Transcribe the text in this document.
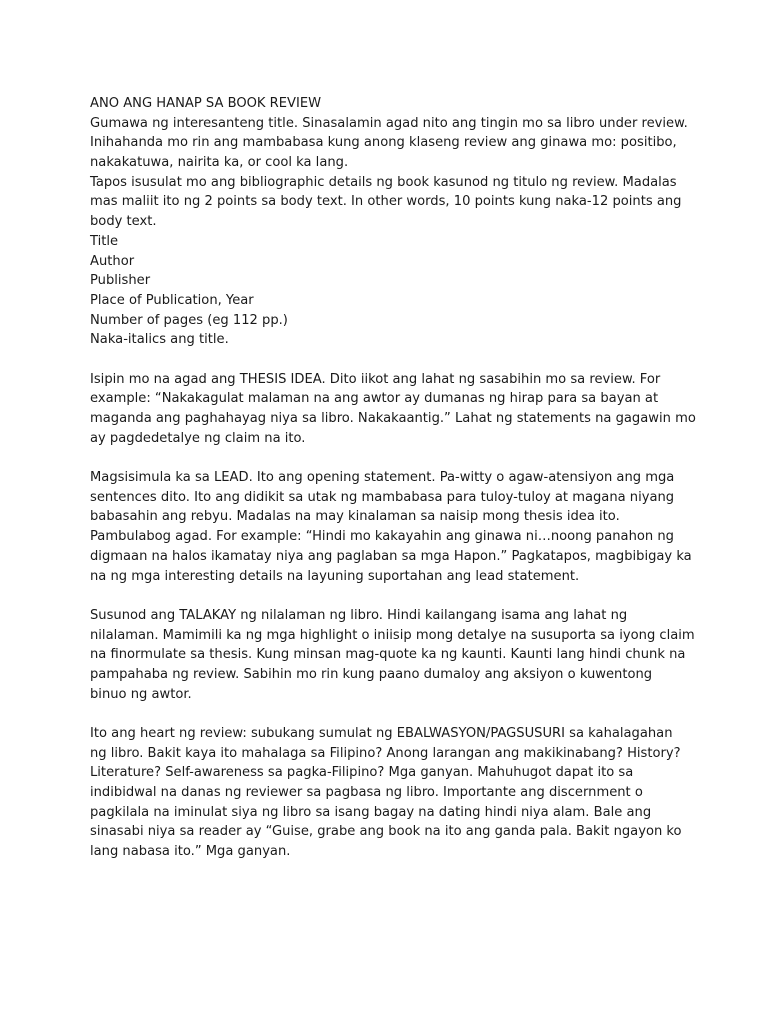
ANO ANG HANAP SA BOOK REVIEW
Gumawa ng interesanteng title. Sinasalamin agad nito ang tingin mo sa libro under review.
Inihahanda mo rin ang mambabasa kung anong klaseng review ang ginawa mo: positibo,
nakakatuwa, nairita ka, or cool ka lang.
Tapos isusulat mo ang bibliographic details ng book kasunod ng titulo ng review. Madalas
mas maliit ito ng 2 points sa body text. In other words, 10 points kung naka-12 points ang
body text.
Title
Author
Publisher
Place of Publication, Year
Number of pages (eg 112 pp.)
Naka-italics ang title.
Isipin mo na agad ang THESIS IDEA. Dito iikot ang lahat ng sasabihin mo sa review. For
example: “Nakakagulat malaman na ang awtor ay dumanas ng hirap para sa bayan at
maganda ang paghahayag niya sa libro. Nakakaantig.” Lahat ng statements na gagawin mo
ay pagdedetalye ng claim na ito.
Magsisimula ka sa LEAD. Ito ang opening statement. Pa-witty o agaw-atensiyon ang mga
sentences dito. Ito ang didikit sa utak ng mambabasa para tuloy-tuloy at magana niyang
babasahin ang rebyu. Madalas na may kinalaman sa naisip mong thesis idea ito.
Pambulabog agad. For example: “Hindi mo kakayahin ang ginawa ni…noong panahon ng
digmaan na halos ikamatay niya ang paglaban sa mga Hapon.” Pagkatapos, magbibigay ka
na ng mga interesting details na layuning suportahan ang lead statement.
Susunod ang TALAKAY ng nilalaman ng libro. Hindi kailangang isama ang lahat ng
nilalaman. Mamimili ka ng mga highlight o iniisip mong detalye na susuporta sa iyong claim
na finormulate sa thesis. Kung minsan mag-quote ka ng kaunti. Kaunti lang hindi chunk na
pampahaba ng review. Sabihin mo rin kung paano dumaloy ang aksiyon o kuwentong
binuo ng awtor.
Ito ang heart ng review: subukang sumulat ng EBALWASYON/PAGSUSURI sa kahalagahan
ng libro. Bakit kaya ito mahalaga sa Filipino? Anong larangan ang makikinabang? History?
Literature? Self-awareness sa pagka-Filipino? Mga ganyan. Mahuhugot dapat ito sa
indibidwal na danas ng reviewer sa pagbasa ng libro. Importante ang discernment o
pagkilala na iminulat siya ng libro sa isang bagay na dating hindi niya alam. Bale ang
sinasabi niya sa reader ay “Guise, grabe ang book na ito ang ganda pala. Bakit ngayon ko
lang nabasa ito.” Mga ganyan.
